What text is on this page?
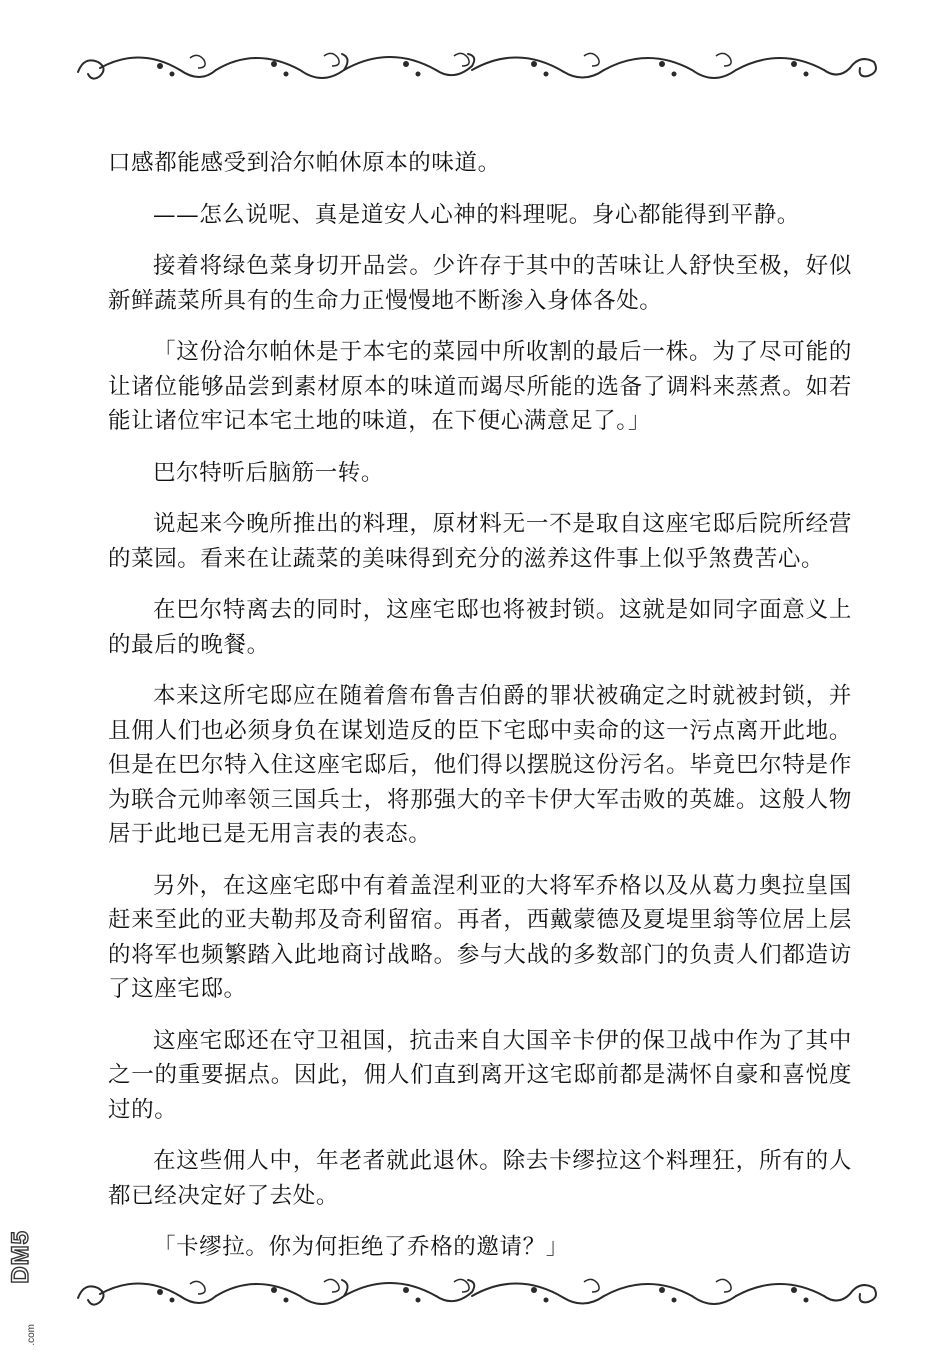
口感都能感受到洽尔帕休原本的味道。

——怎么说呢、真是道安人心神的料理呢。身心都能得到平静。

接着将绿色菜身切开品尝。少许存于其中的苦味让人舒快至极，好似新鲜蔬菜所具有的生命力正慢慢地不断渗入身体各处。

「这份洽尔帕休是于本宅的菜园中所收割的最后一株。为了尽可能的让诸位能够品尝到素材原本的味道而竭尽所能的选备了调料来蒸煮。如若能让诸位牢记本宅土地的味道，在下便心满意足了。」

巴尔特听后脑筋一转。

说起来今晚所推出的料理，原材料无一不是取自这座宅邸后院所经营的菜园。看来在让蔬菜的美味得到充分的滋养这件事上似乎煞费苦心。

在巴尔特离去的同时，这座宅邸也将被封锁。这就是如同字面意义上的最后的晚餐。

本来这所宅邸应在随着詹布鲁吉伯爵的罪状被确定之时就被封锁，并且佣人们也必须身负在谋划造反的臣下宅邸中卖命的这一污点离开此地。但是在巴尔特入住这座宅邸后，他们得以摆脱这份污名。毕竟巴尔特是作为联合元帅率领三国兵士，将那强大的辛卡伊大军击败的英雄。这般人物居于此地已是无用言表的表态。

另外，在这座宅邸中有着盖涅利亚的大将军乔格以及从葛力奥拉皇国赶来至此的亚夫勒邦及奇利留宿。再者，西戴蒙德及夏堤里翁等位居上层的将军也频繁踏入此地商讨战略。参与大战的多数部门的负责人们都造访了这座宅邸。

这座宅邸还在守卫祖国，抗击来自大国辛卡伊的保卫战中作为了其中之一的重要据点。因此，佣人们直到离开这宅邸前都是满怀自豪和喜悦度过的。

在这些佣人中，年老者就此退休。除去卡缪拉这个料理狂，所有的人都已经决定好了去处。

「卡缪拉。你为何拒绝了乔格的邀请？」

DM5
.com
